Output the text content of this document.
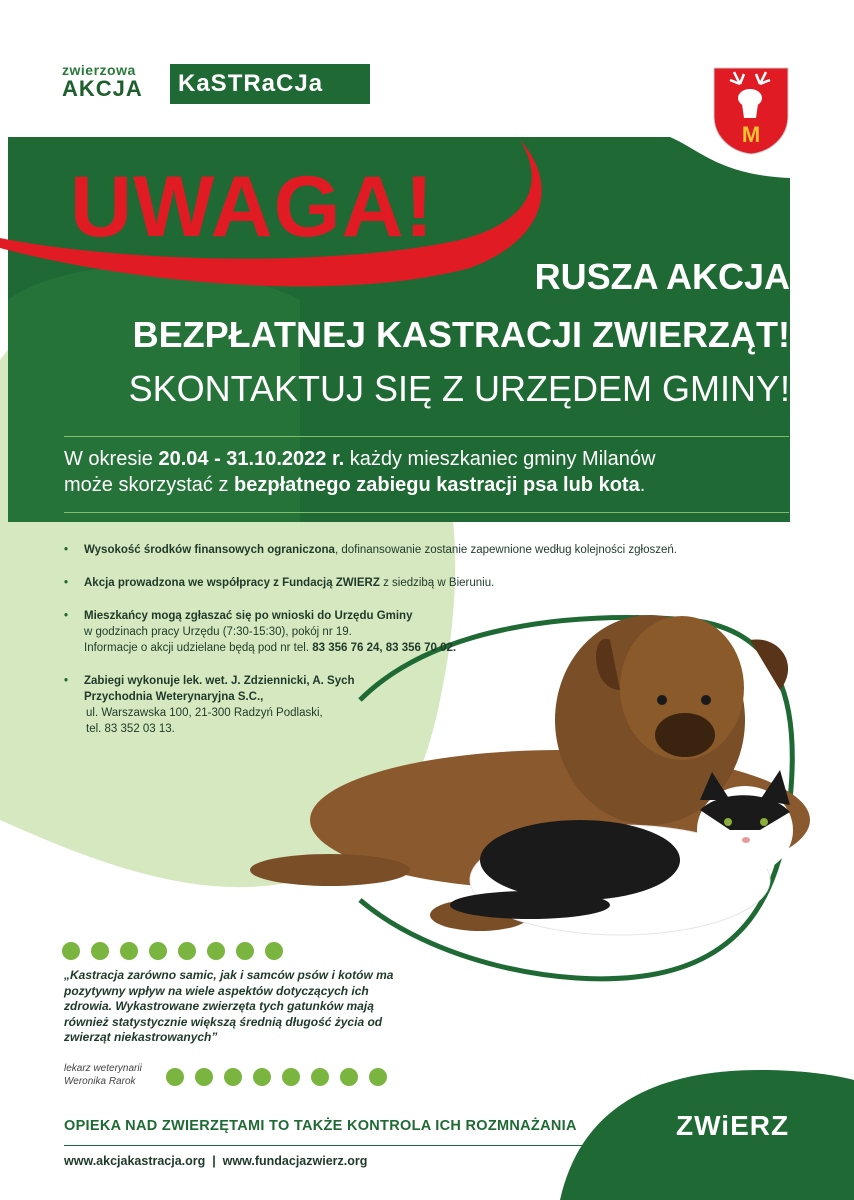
zwierzowa
AKCJA	KaSTRaCJa
M
UWAGA!
RUSZA AKCJA
BEZPŁATNEJ KASTRACJI ZWIERZĄT!
SKONTAKTUJ SIĘ Z URZĘDEM GMINY!
W okresie 20.04 - 31.10.2022 r. każdy mieszkaniec gminy Milanów
może skorzystać z bezpłatnego zabiegu kastracji psa lub kota.
• Wysokość środków finansowych ograniczona, dofinansowanie zostanie zapewnione według kolejności zgłoszeń.
• Akcja prowadzona we współpracy z Fundacją ZWIERZ z siedzibą w Bieruniu.
• Mieszkańcy mogą zgłaszać się po wnioski do Urzędu Gminy
w godzinach pracy Urzędu (7:30-15:30), pokój nr 19.
Informacje o akcji udzielane będą pod nr tel. 83 356 76 24, 83 356 70 02.
• Zabiegi wykonuje lek. wet. J. Zdziennicki, A. Sych
Przychodnia Weterynaryjna S.C.,
ul. Warszawska 100, 21-300 Radzyń Podlaski,
tel. 83 352 03 13.
„Kastracja zarówno samic, jak i samców psów i kotów ma pozytywny wpływ na wiele aspektów dotyczących ich zdrowia. Wykastrowane zwierzęta tych gatunków mają również statystycznie większą średnią długość życia od zwierząt niekastrowanych”
lekarz weterynarii
Weronika Rarok
OPIEKA NAD ZWIERZĘTAMI TO TAKŻE KONTROLA ICH ROZMNAŻANIA
www.akcjakastracja.org  |  www.fundacjazwierz.org
ZWiERZ
